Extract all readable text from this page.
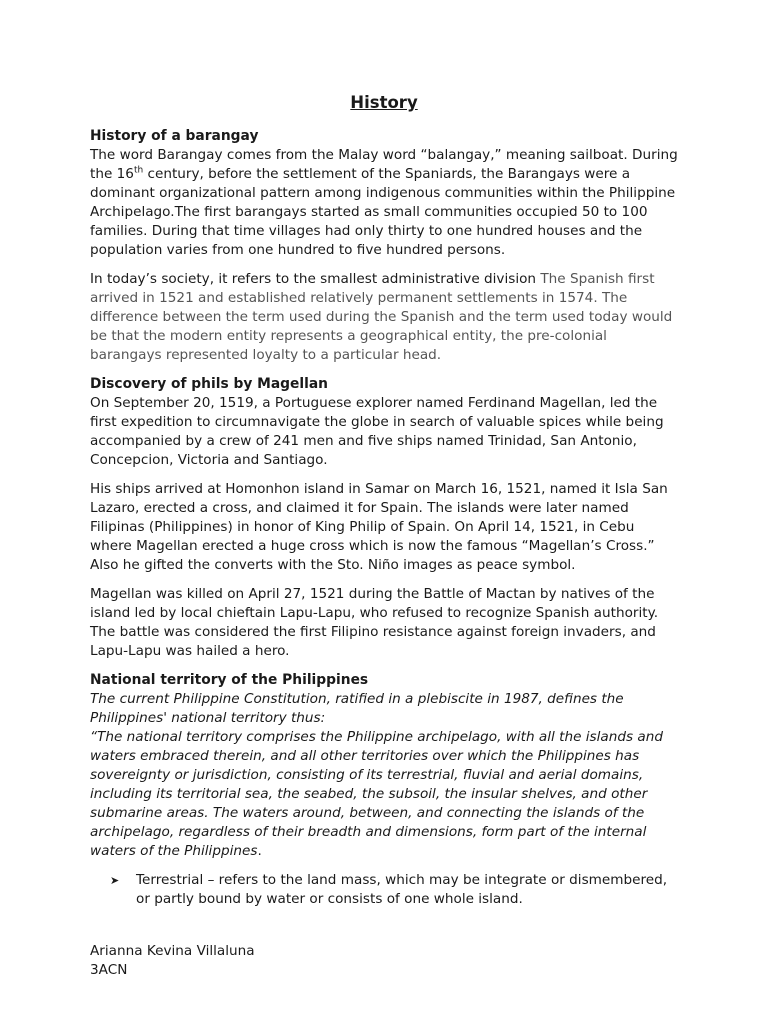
History
History of a barangay

The word Barangay comes from the Malay word “balangay,” meaning sailboat. During the 16th century, before the settlement of the Spaniards, the Barangays were a dominant organizational pattern among indigenous communities within the Philippine Archipelago.The first barangays started as small communities occupied 50 to 100 families. During that time villages had only thirty to one hundred houses and the population varies from one hundred to five hundred persons.

In today’s society, it refers to the smallest administrative division The Spanish first arrived in 1521 and established relatively permanent settlements in 1574. The difference between the term used during the Spanish and the term used today would be that the modern entity represents a geographical entity, the pre-colonial barangays represented loyalty to a particular head.

Discovery of phils by Magellan

On September 20, 1519, a Portuguese explorer named Ferdinand Magellan, led the first expedition to circumnavigate the globe in search of valuable spices while being accompanied by a crew of 241 men and five ships named Trinidad, San Antonio, Concepcion, Victoria and Santiago.

His ships arrived at Homonhon island in Samar on March 16, 1521, named it Isla San Lazaro, erected a cross, and claimed it for Spain. The islands were later named Filipinas (Philippines) in honor of King Philip of Spain. On April 14, 1521, in Cebu where Magellan erected a huge cross which is now the famous “Magellan’s Cross.” Also he gifted the converts with the Sto. Niño images as peace symbol.

Magellan was killed on April 27, 1521 during the Battle of Mactan by natives of the island led by local chieftain Lapu-Lapu, who refused to recognize Spanish authority. The battle was considered the first Filipino resistance against foreign invaders, and Lapu-Lapu was hailed a hero.

National territory of the Philippines

The current Philippine Constitution, ratified in a plebiscite in 1987, defines the Philippines' national territory thus:

“The national territory comprises the Philippine archipelago, with all the islands and waters embraced therein, and all other territories over which the Philippines has sovereignty or jurisdiction, consisting of its terrestrial, fluvial and aerial domains, including its territorial sea, the seabed, the subsoil, the insular shelves, and other submarine areas. The waters around, between, and connecting the islands of the archipelago, regardless of their breadth and dimensions, form part of the internal waters of the Philippines.

➤ Terrestrial – refers to the land mass, which may be integrate or dismembered, or partly bound by water or consists of one whole island.
Arianna Kevina Villaluna
3ACN
